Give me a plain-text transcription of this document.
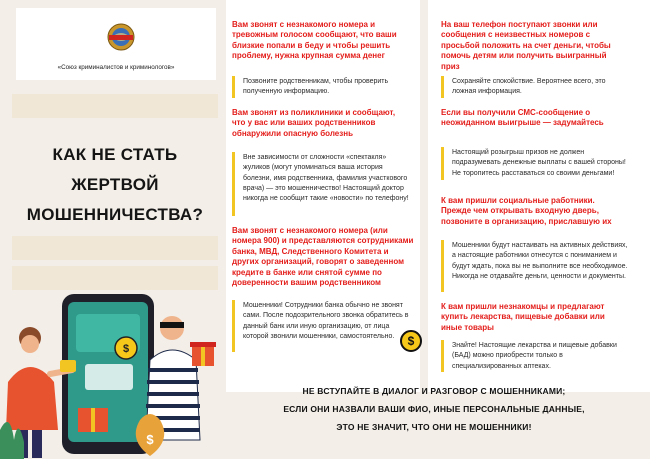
«Союз криминалистов и криминологов»
КАК НЕ СТАТЬ
ЖЕРТВОЙ
МОШЕННИЧЕСТВА?
$
$
Вам звонят с незнакомого номера и тревожным голосом сообщают, что ваши близкие попали в беду и чтобы решить проблему, нужна крупная сумма денег
Позвоните родственникам, чтобы проверить полученную информацию.
Вам звонят из поликлиники и сообщают, что у вас или ваших родственников обнаружили опасную болезнь
Вне зависимости от сложности «спектакля» жуликов (могут упоминаться ваша история болезни, имя родственника, фамилия участкового врача) — это мошенничество! Настоящий доктор никогда не сообщит такие «новости» по телефону!
Вам звонят с незнакомого номера (или номера 900) и представляются сотрудниками банка, МВД, Следственного Комитета и других организаций, говорят о заведенном кредите в банке или снятой сумме по доверенности вашим родственником
Мошенники! Сотрудники банка обычно не звонят сами. После подозрительного звонка обратитесь в данный банк или иную организацию, от лица которой звонили мошенники, самостоятельно.
На ваш телефон поступают звонки или сообщения с неизвестных номеров с просьбой положить на счет деньги, чтобы помочь детям или получить выигранный приз
Сохраняйте спокойствие. Вероятнее всего, это ложная информация.
Если вы получили СМС-сообщение о неожиданном выигрыше — задумайтесь
Настоящий розыгрыш призов не должен подразумевать денежные выплаты с вашей стороны! Не торопитесь расставаться со своими деньгами!
К вам пришли социальные работники. Прежде чем открывать входную дверь, позвоните в организацию, приславшую их
Мошенники будут настаивать на активных действиях, а настоящие работники отнесутся с пониманием и будут ждать, пока вы не выполните все необходимое. Никогда не отдавайте деньги, ценности и документы.
К вам пришли незнакомцы и предлагают купить лекарства, пищевые добавки или иные товары
Знайте! Настоящие лекарства и пищевые добавки (БАД) можно приобрести только в специализированных аптеках.
$
НЕ ВСТУПАЙТЕ В ДИАЛОГ И РАЗГОВОР С МОШЕННИКАМИ;
ЕСЛИ ОНИ НАЗВАЛИ ВАШИ ФИО, ИНЫЕ ПЕРСОНАЛЬНЫЕ ДАННЫЕ,
ЭТО НЕ ЗНАЧИТ, ЧТО ОНИ НЕ МОШЕННИКИ!
